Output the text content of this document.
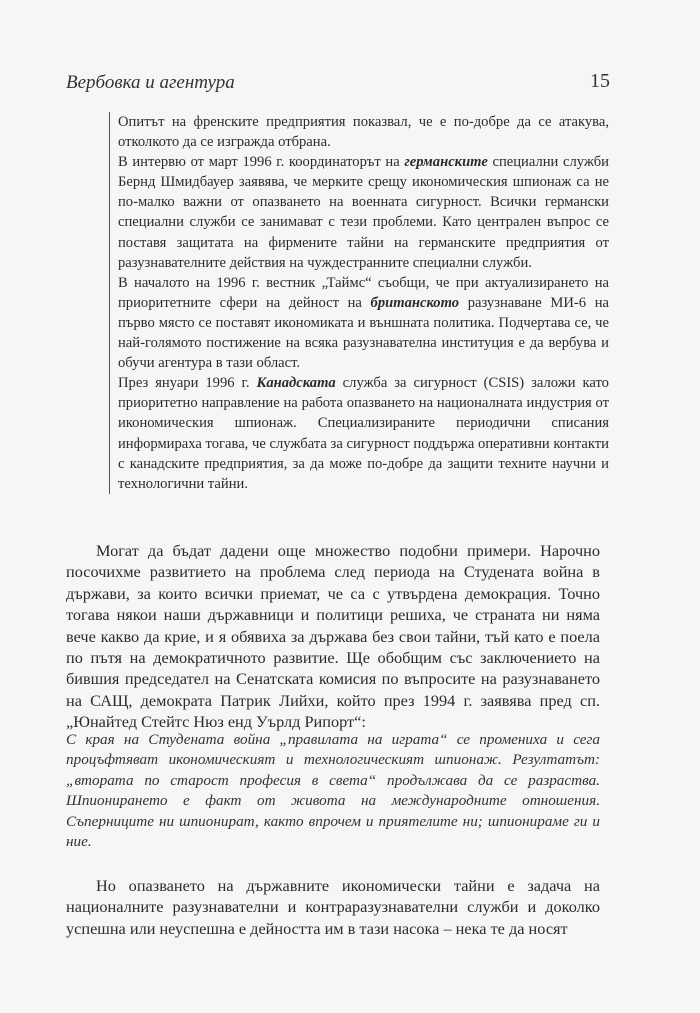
Вербовка и агентура	15

Опитът на френските предприятия показвал, че е по-добре да се атакува, отколкото да се изгражда отбрана.

В интервю от март 1996 г. координаторът на германските специални служби Бернд Шмидбауер заявява, че мерките срещу икономическия шпионаж са не по-малко важни от опазването на военната сигурност. Всички германски специални служби се занимават с тези проблеми. Като централен въпрос се поставя защитата на фирмените тайни на германските предприятия от разузнавателните действия на чуждестранните специални служби.

В началото на 1996 г. вестник „Таймс“ съобщи, че при актуализирането на приоритетните сфери на дейност на британското разузнаване МИ-6 на първо място се поставят икономиката и външната политика. Подчертава се, че най-голямото постижение на всяка разузнавателна институция е да вербува и обучи агентура в тази област.

През януари 1996 г. Канадската служба за сигурност (CSIS) заложи като приоритетно направление на работа опазването на националната индустрия от икономическия шпионаж. Специализираните периодични списания информираха тогава, че службата за сигурност поддържа оперативни контакти с канадските предприятия, за да може по-добре да защити техните научни и технологични тайни.

Могат да бъдат дадени още множество подобни примери. Нарочно посочихме развитието на проблема след периода на Студената война в държави, за които всички приемат, че са с утвърдена демокрация. Точно тогава някои наши държавници и политици решиха, че страната ни няма вече какво да крие, и я обявиха за държава без свои тайни, тъй като е поела по пътя на демократичното развитие. Ще обобщим със заключението на бившия председател на Сенатската комисия по въпросите на разузнаването на САЩ, демократа Патрик Лийхи, който през 1994 г. заявява пред сп. „Юнайтед Стейтс Нюз енд Уърлд Рипорт“:

С края на Студената война „правилата на играта“ се промениха и сега процъфтяват икономическият и технологическият шпионаж. Резултатът: „втората по старост професия в света“ продължава да се разраства. Шпионирането е факт от живота на международните отношения. Съперниците ни шпионират, както впрочем и приятелите ни; шпионираме ги и ние.

Но опазването на държавните икономически тайни е задача на националните разузнавателни и контраразузнавателни служби и доколко успешна или неуспешна е дейността им в тази насока – нека те да носят
